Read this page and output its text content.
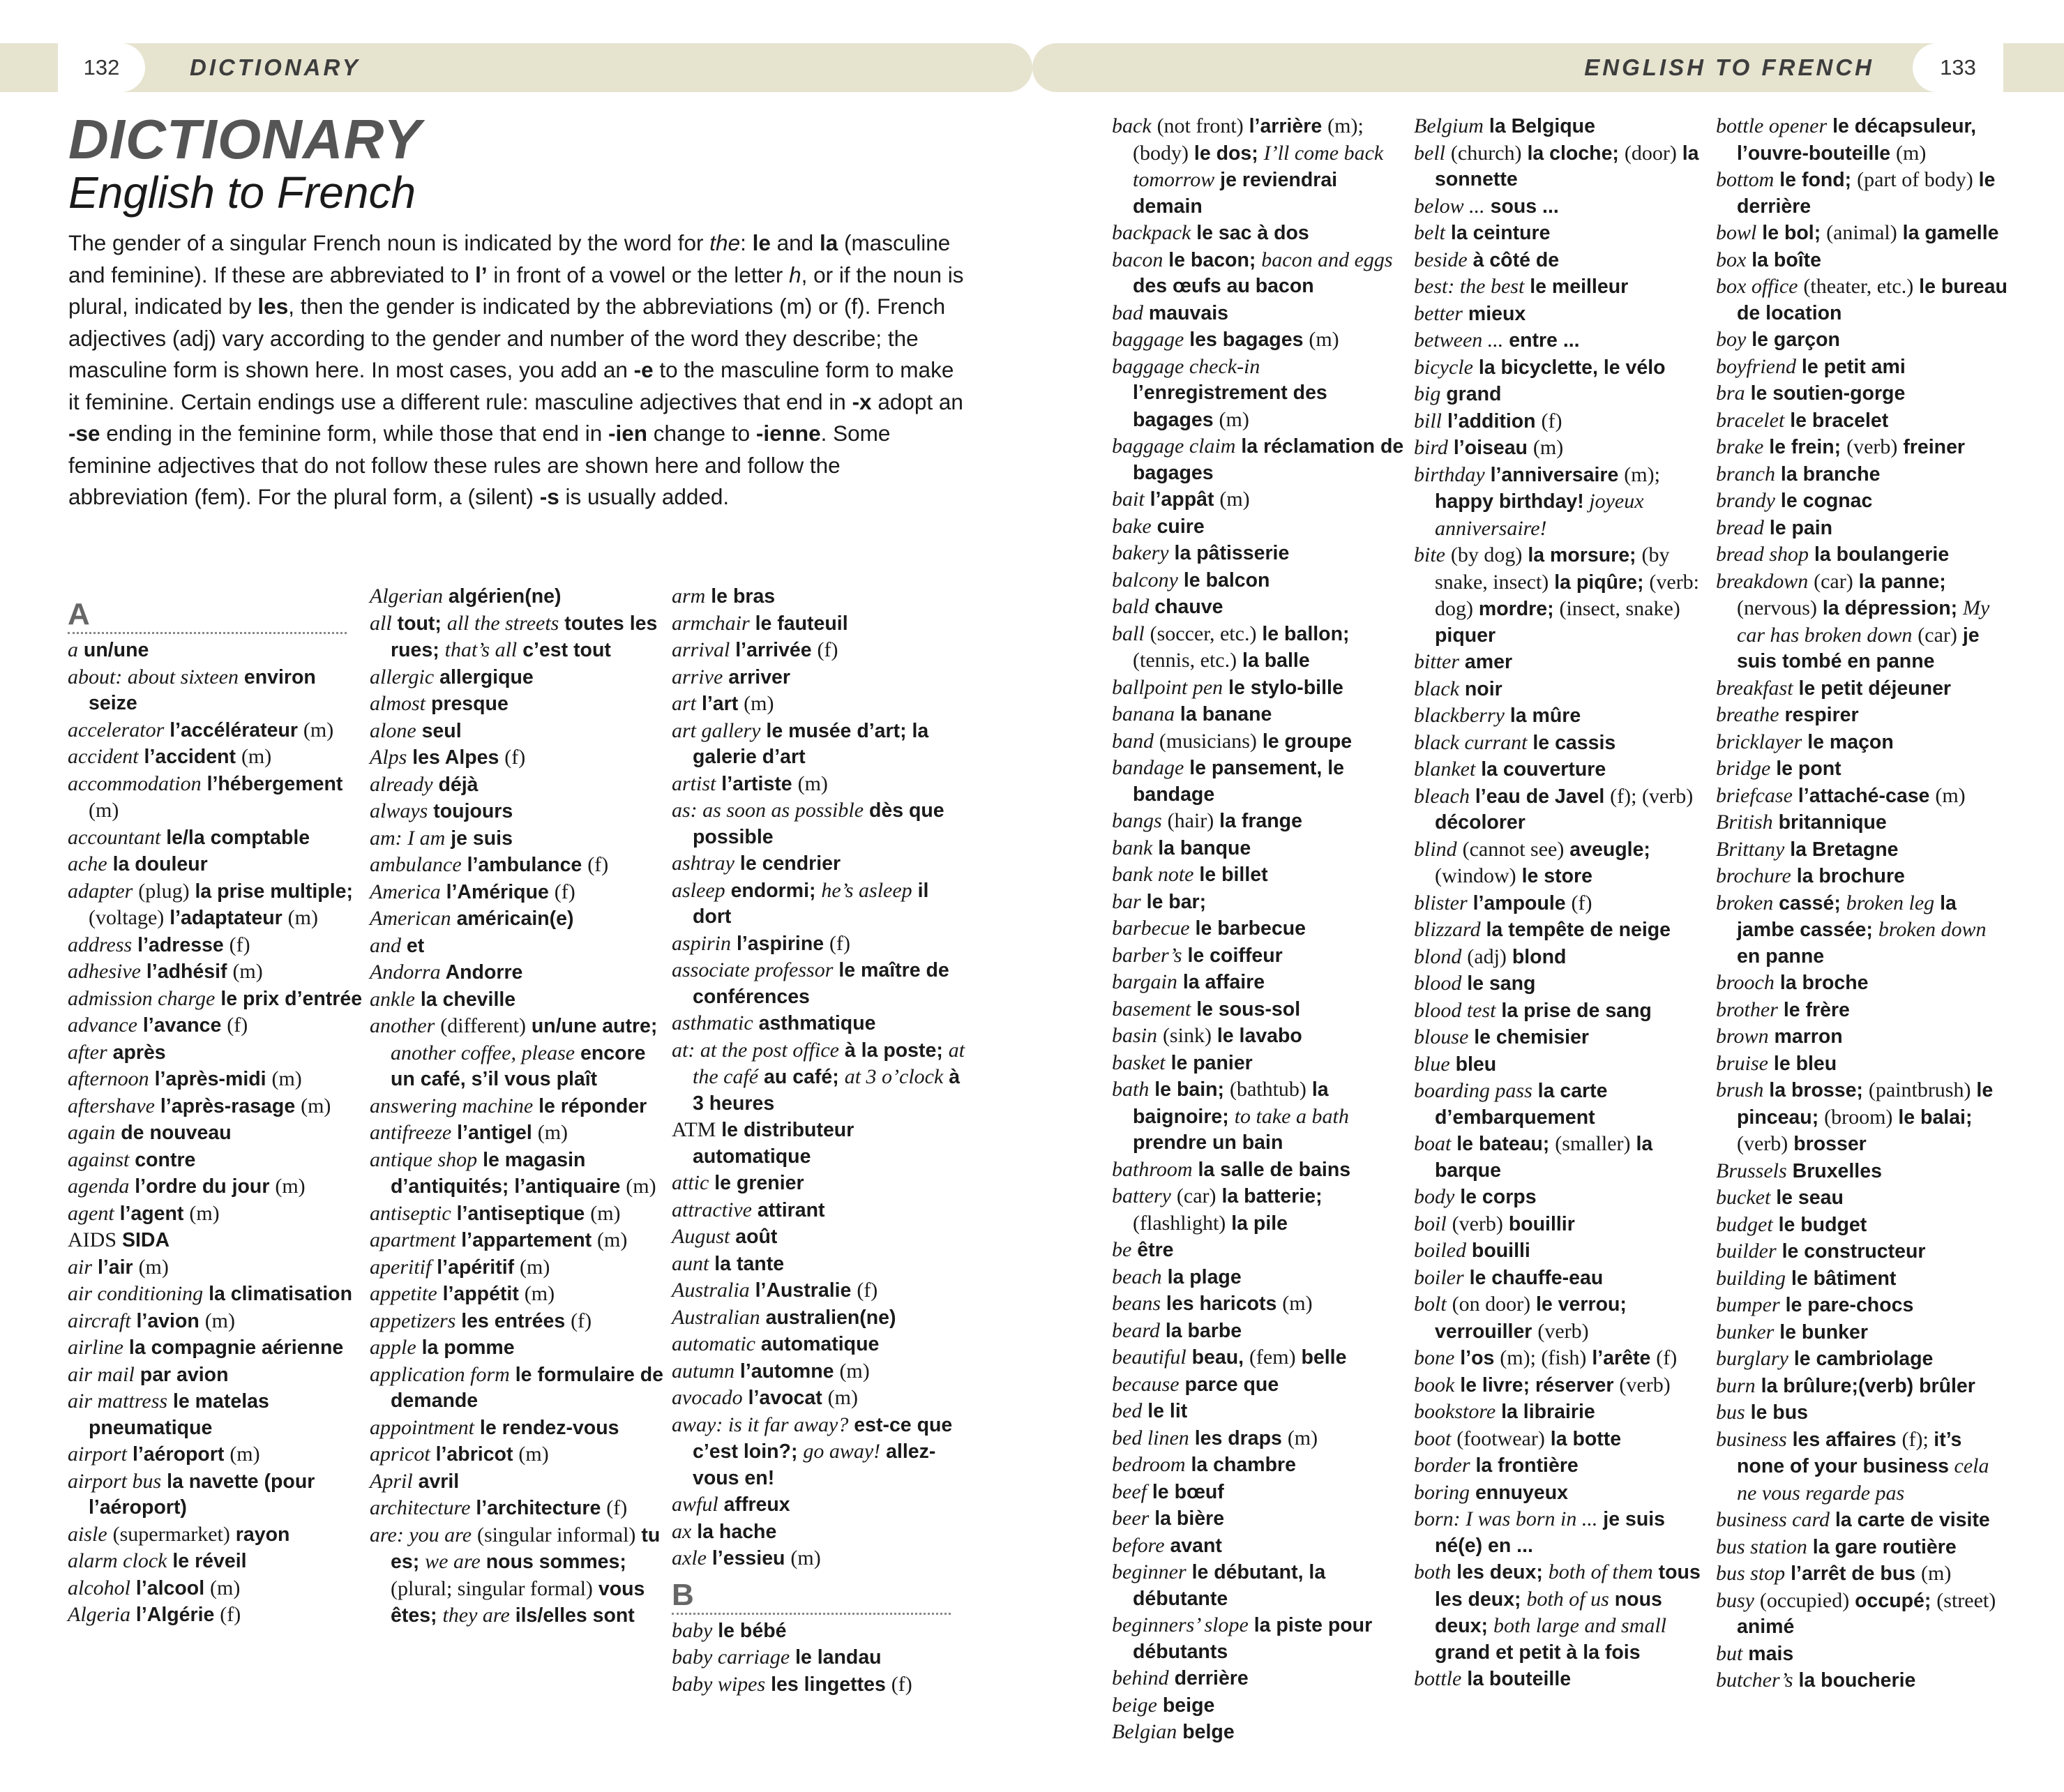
132	DICTIONARY	ENGLISH TO FRENCH	133
DICTIONARY
English to French
The gender of a singular French noun is indicated by the word for the: le and la (masculine and feminine). If these are abbreviated to l’ in front of a vowel or the letter h, or if the noun is plural, indicated by les, then the gender is indicated by the abbreviations (m) or (f). French adjectives (adj) vary according to the gender and number of the word they describe; the masculine form is shown here. In most cases, you add an -e to the masculine form to make it feminine. Certain endings use a different rule: masculine adjectives that end in -x adopt an -se ending in the feminine form, while those that end in -ien change to -ienne. Some feminine adjectives that do not follow these rules are shown here and follow the abbreviation (fem). For the plural form, a (silent) -s is usually added.
A
a un/une
about: about sixteen environ seize
accelerator l’accélérateur (m)
accident l’accident (m)
accommodation l’hébergement (m)
accountant le/la comptable
ache la douleur
adapter (plug) la prise multiple; (voltage) l’adaptateur (m)
address l’adresse (f)
adhesive l’adhésif (m)
admission charge le prix d’entrée
advance l’avance (f)
after après
afternoon l’après-midi (m)
aftershave l’après-rasage (m)
again de nouveau
against contre
agenda l’ordre du jour (m)
agent l’agent (m)
AIDS SIDA
air l’air (m)
air conditioning la climatisation
aircraft l’avion (m)
airline la compagnie aérienne
air mail par avion
air mattress le matelas pneumatique
airport l’aéroport (m)
airport bus la navette (pour l’aéroport)
aisle (supermarket) rayon
alarm clock le réveil
alcohol l’alcool (m)
Algeria l’Algérie (f)
Algerian algérien(ne)
all tout; all the streets toutes les rues; that’s all c’est tout
allergic allergique
almost presque
alone seul
Alps les Alpes (f)
already déjà
always toujours
am: I am je suis
ambulance l’ambulance (f)
America l’Amérique (f)
American américain(e)
and et
Andorra Andorre
ankle la cheville
another (different) un/une autre; another coffee, please encore un café, s’il vous plaît
answering machine le réponder
antifreeze l’antigel (m)
antique shop le magasin d’antiquités; l’antiquaire (m)
antiseptic l’antiseptique (m)
apartment l’appartement (m)
aperitif l’apéritif (m)
appetite l’appétit (m)
appetizers les entrées (f)
apple la pomme
application form le formulaire de demande
appointment le rendez-vous
apricot l’abricot (m)
April avril
architecture l’architecture (f)
are: you are (singular informal) tu es; we are nous sommes; (plural; singular formal) vous êtes; they are ils/elles sont
arm le bras
armchair le fauteuil
arrival l’arrivée (f)
arrive arriver
art l’art (m)
art gallery le musée d’art; la galerie d’art
artist l’artiste (m)
as: as soon as possible dès que possible
ashtray le cendrier
asleep endormi; he’s asleep il dort
aspirin l’aspirine (f)
associate professor le maître de conférences
asthmatic asthmatique
at: at the post office à la poste; at the café au café; at 3 o’clock à 3 heures
ATM le distributeur automatique
attic le grenier
attractive attirant
August août
aunt la tante
Australia l’Australie (f)
Australian australien(ne)
automatic automatique
autumn l’automne (m)
avocado l’avocat (m)
away: is it far away? est-ce que c’est loin?; go away! allez-vous en!
awful affreux
ax la hache
axle l’essieu (m)
B
baby le bébé
baby carriage le landau
baby wipes les lingettes (f)
back (not front) l’arrière (m); (body) le dos; I’ll come back tomorrow je reviendrai demain
backpack le sac à dos
bacon le bacon; bacon and eggs des œufs au bacon
bad mauvais
baggage les bagages (m)
baggage check-in l’enregistrement des bagages (m)
baggage claim la réclamation de bagages
bait l’appât (m)
bake cuire
bakery la pâtisserie
balcony le balcon
bald chauve
ball (soccer, etc.) le ballon; (tennis, etc.) la balle
ballpoint pen le stylo-bille
banana la banane
band (musicians) le groupe
bandage le pansement, le bandage
bangs (hair) la frange
bank la banque
bank note le billet
bar le bar;
barbecue le barbecue
barber’s le coiffeur
bargain la affaire
basement le sous-sol
basin (sink) le lavabo
basket le panier
bath le bain; (bathtub) la baignoire; to take a bath prendre un bain
bathroom la salle de bains
battery (car) la batterie; (flashlight) la pile
be être
beach la plage
beans les haricots (m)
beard la barbe
beautiful beau, (fem) belle
because parce que
bed le lit
bed linen les draps (m)
bedroom la chambre
beef le bœuf
beer la bière
before avant
beginner le débutant, la débutante
beginners’ slope la piste pour débutants
behind derrière
beige beige
Belgian belge
Belgium la Belgique
bell (church) la cloche; (door) la sonnette
below ... sous ...
belt la ceinture
beside à côté de
best: the best le meilleur
better mieux
between ... entre ...
bicycle la bicyclette, le vélo
big grand
bill l’addition (f)
bird l’oiseau (m)
birthday l’anniversaire (m); happy birthday! joyeux anniversaire!
bite (by dog) la morsure; (by snake, insect) la piqûre; (verb: dog) mordre; (insect, snake) piquer
bitter amer
black noir
blackberry la mûre
black currant le cassis
blanket la couverture
bleach l’eau de Javel (f); (verb) décolorer
blind (cannot see) aveugle; (window) le store
blister l’ampoule (f)
blizzard la tempête de neige
blond (adj) blond
blood le sang
blood test la prise de sang
blouse le chemisier
blue bleu
boarding pass la carte d’embarquement
boat le bateau; (smaller) la barque
body le corps
boil (verb) bouillir
boiled bouilli
boiler le chauffe-eau
bolt (on door) le verrou; verrouiller (verb)
bone l’os (m); (fish) l’arête (f)
book le livre; réserver (verb)
bookstore la librairie
boot (footwear) la botte
border la frontière
boring ennuyeux
born: I was born in ... je suis né(e) en ...
both les deux; both of them tous les deux; both of us nous deux; both large and small grand et petit à la fois
bottle la bouteille
bottle opener le décapsuleur, l’ouvre-bouteille (m)
bottom le fond; (part of body) le derrière
bowl le bol; (animal) la gamelle
box la boîte
box office (theater, etc.) le bureau de location
boy le garçon
boyfriend le petit ami
bra le soutien-gorge
bracelet le bracelet
brake le frein; (verb) freiner
branch la branche
brandy le cognac
bread le pain
bread shop la boulangerie
breakdown (car) la panne; (nervous) la dépression; My car has broken down (car) je suis tombé en panne
breakfast le petit déjeuner
breathe respirer
bricklayer le maçon
bridge le pont
briefcase l’attaché-case (m)
British britannique
Brittany la Bretagne
brochure la brochure
broken cassé; broken leg la jambe cassée; broken down en panne
brooch la broche
brother le frère
brown marron
bruise le bleu
brush la brosse; (paintbrush) le pinceau; (broom) le balai; (verb) brosser
Brussels Bruxelles
bucket le seau
budget le budget
builder le constructeur
building le bâtiment
bumper le pare-chocs
bunker le bunker
burglary le cambriolage
burn la brûlure;(verb) brûler
bus le bus
business les affaires (f); it’s none of your business cela ne vous regarde pas
business card la carte de visite
bus station la gare routière
bus stop l’arrêt de bus (m)
busy (occupied) occupé; (street) animé
but mais
butcher’s la boucherie
